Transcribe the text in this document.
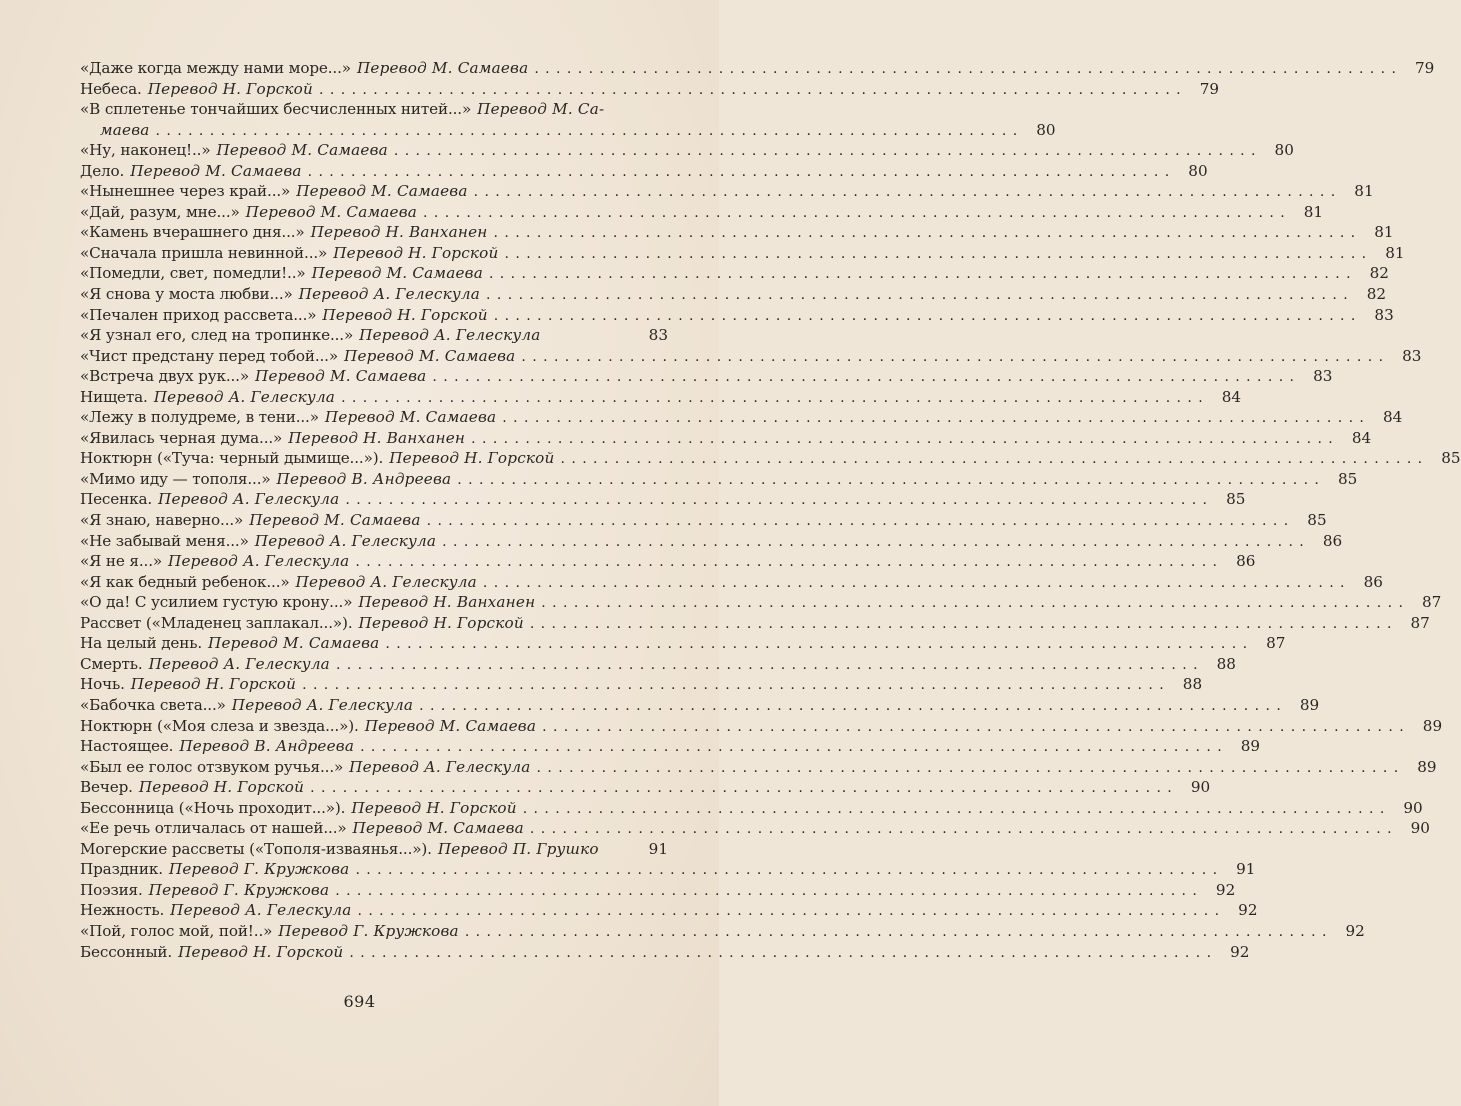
«Даже когда между нами море...» Перевод М. Самаева ................................................................................ 79
Небеса. Перевод Н. Горской ................................................................................ 79
«В сплетенье тончайших бесчисленных нитей...» Перевод М. Са-
маева ................................................................................ 80
«Ну, наконец!..» Перевод М. Самаева ................................................................................ 80
Дело. Перевод М. Самаева ................................................................................ 80
«Нынешнее через край...» Перевод М. Самаева ................................................................................ 81
«Дай, разум, мне...» Перевод М. Самаева ................................................................................ 81
«Камень вчерашнего дня...» Перевод Н. Ванханен ................................................................................ 81
«Сначала пришла невинной...» Перевод Н. Горской ................................................................................ 81
«Помедли, свет, помедли!..» Перевод М. Самаева ................................................................................ 82
«Я снова у моста любви...» Перевод А. Гелескула ................................................................................ 82
«Печален приход рассвета...» Перевод Н. Горской ................................................................................ 83
«Я узнал его, след на тропинке...» Перевод А. Гелескула	83
«Чист предстану перед тобой...» Перевод М. Самаева ................................................................................ 83
«Встреча двух рук...» Перевод М. Самаева ................................................................................ 83
Нищета. Перевод А. Гелескула ................................................................................ 84
«Лежу в полудреме, в тени...» Перевод М. Самаева ................................................................................ 84
«Явилась черная дума...» Перевод Н. Ванханен ................................................................................ 84
Ноктюрн («Туча: черный дымище...»). Перевод Н. Горской ................................................................................ 85
«Мимо иду — тополя...» Перевод В. Андреева ................................................................................ 85
Песенка. Перевод А. Гелескула ................................................................................ 85
«Я знаю, наверно...» Перевод М. Самаева ................................................................................ 85
«Не забывай меня...» Перевод А. Гелескула ................................................................................ 86
«Я не я...» Перевод А. Гелескула ................................................................................ 86
«Я как бедный ребенок...» Перевод А. Гелескула ................................................................................ 86
«О да! С усилием густую крону...» Перевод Н. Ванханен ................................................................................ 87
Рассвет («Младенец заплакал...»). Перевод Н. Горской ................................................................................ 87
На целый день. Перевод М. Самаева ................................................................................ 87
Смерть. Перевод А. Гелескула ................................................................................ 88
Ночь. Перевод Н. Горской ................................................................................ 88
«Бабочка света...» Перевод А. Гелескула ................................................................................ 89
Ноктюрн («Моя слеза и звезда...»). Перевод М. Самаева ................................................................................ 89
Настоящее. Перевод В. Андреева ................................................................................ 89
«Был ее голос отзвуком ручья...» Перевод А. Гелескула ................................................................................ 89
Вечер. Перевод Н. Горской ................................................................................ 90
Бессонница («Ночь проходит...»). Перевод Н. Горской ................................................................................ 90
«Ее речь отличалась от нашей...» Перевод М. Самаева ................................................................................ 90
Могерские рассветы («Тополя-изваянья...»). Перевод П. Грушко	91
Праздник. Перевод Г. Кружкова ................................................................................ 91
Поэзия. Перевод Г. Кружкова ................................................................................ 92
Нежность. Перевод А. Гелескула ................................................................................ 92
«Пой, голос мой, пой!..» Перевод Г. Кружкова ................................................................................ 92
Бессонный. Перевод Н. Горской ................................................................................ 92
694
